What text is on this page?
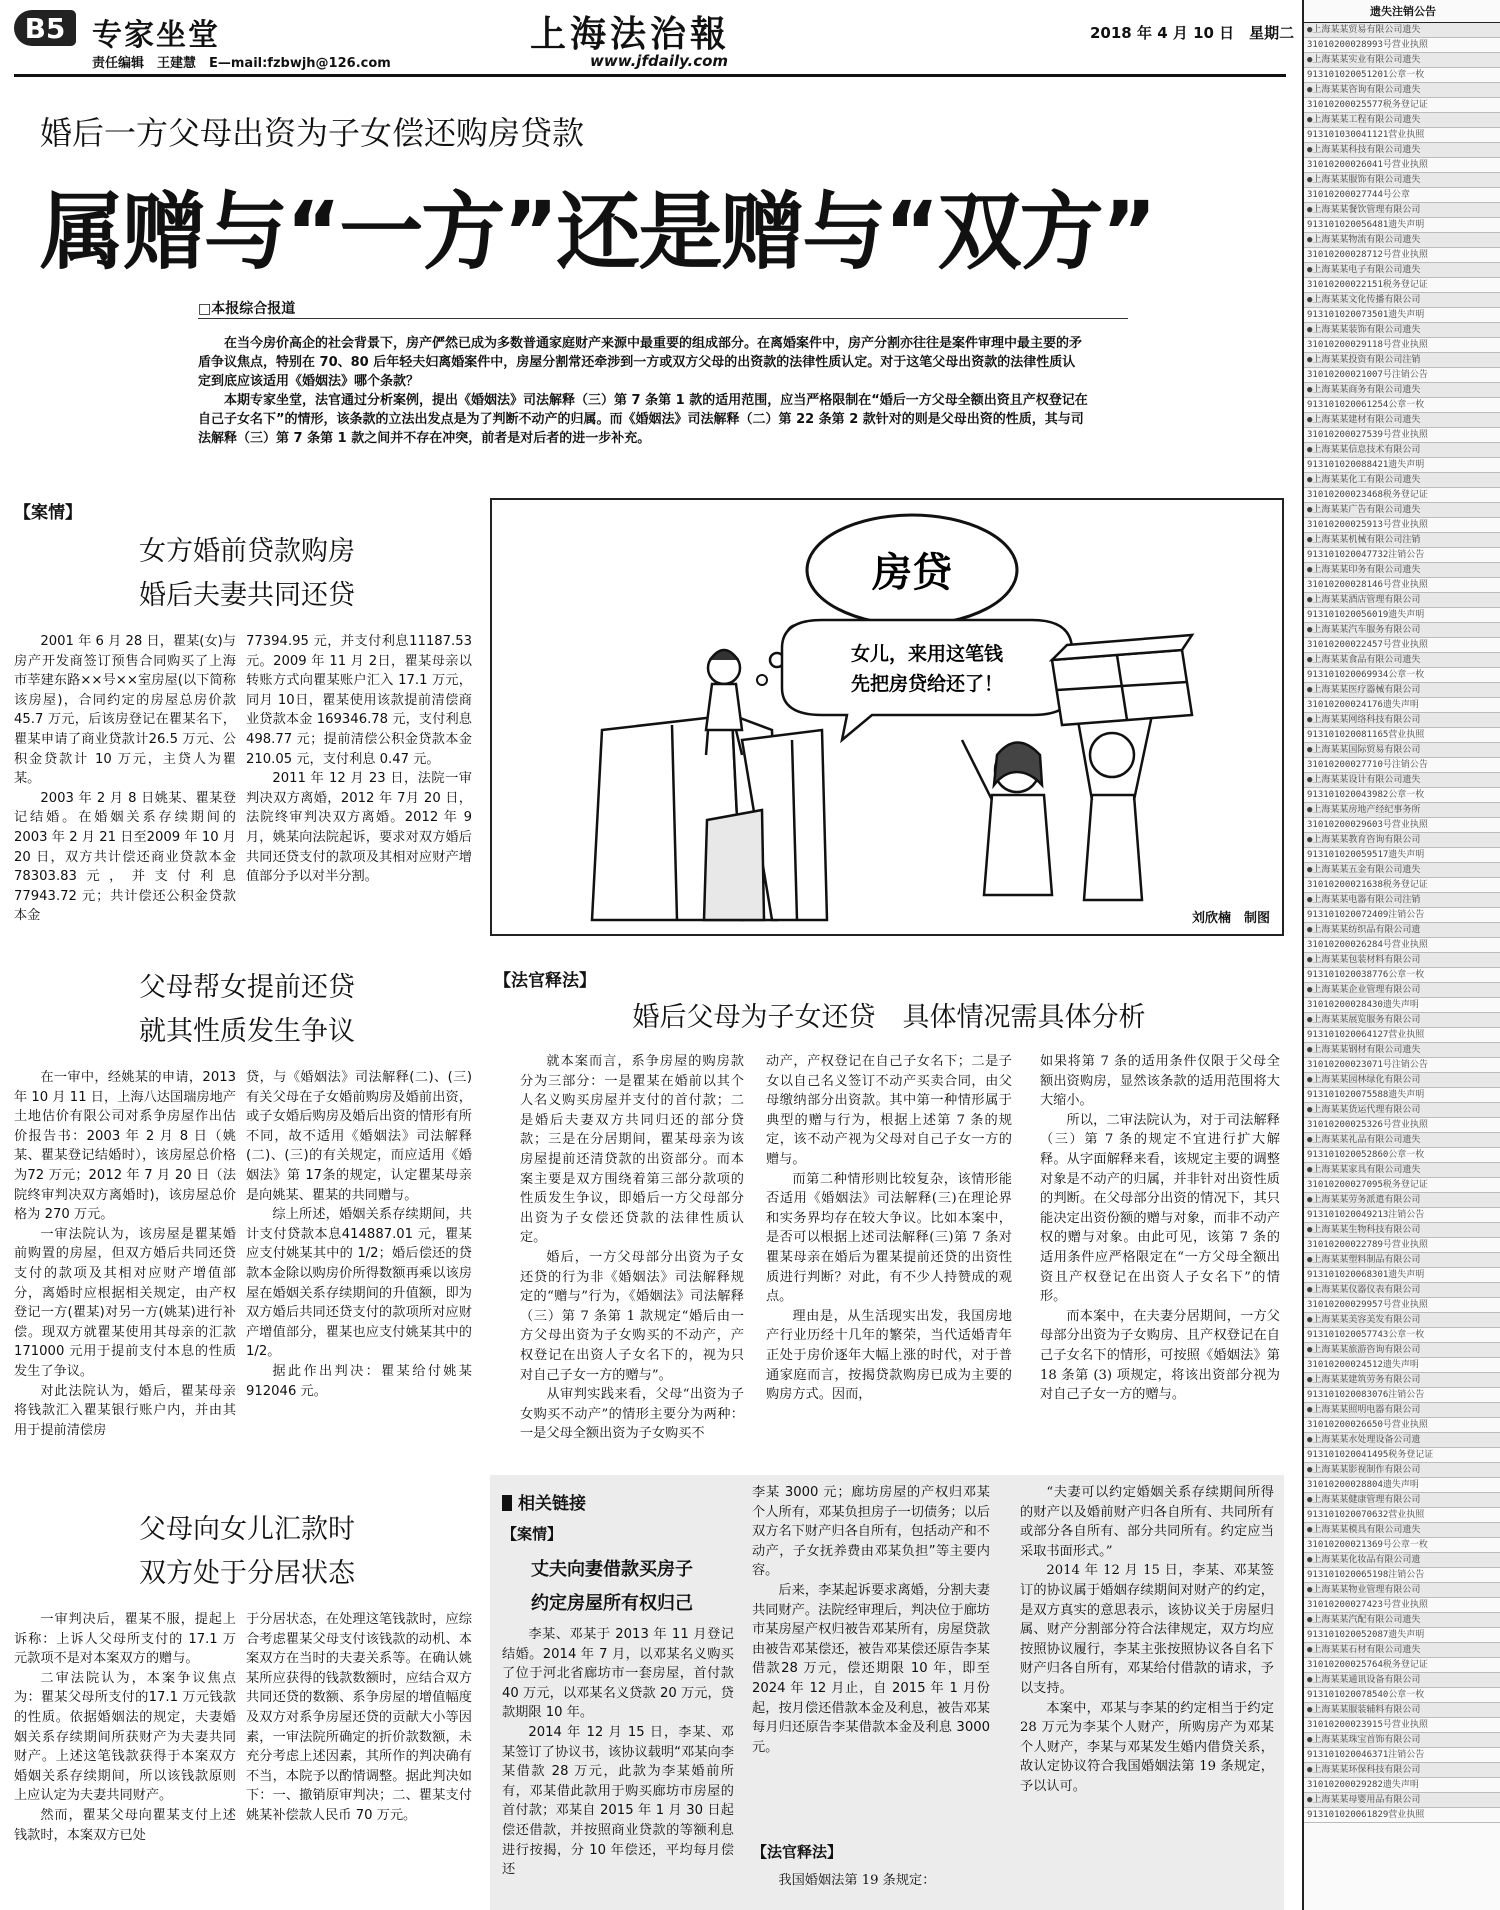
B5 专家坐堂
责任编辑　王建慧　E—mail:fzbwjh@126.com
上海法治報
www.jfdaily.com
2018 年 4 月 10 日　星期二
婚后一方父母出资为子女偿还购房贷款
属赠与“一方”还是赠与“双方”
□本报综合报道

在当今房价高企的社会背景下，房产俨然已成为多数普通家庭财产来源中最重要的组成部分。在离婚案件中，房产分割亦往往是案件审理中最主要的矛盾争议焦点，特别在 70、80 后年轻夫妇离婚案件中，房屋分割常还牵涉到一方或双方父母的出资款的法律性质认定。对于这笔父母出资款的法律性质认定到底应该适用《婚姻法》哪个条款？

本期专家坐堂，法官通过分析案例，提出《婚姻法》司法解释（三）第 7 条第 1 款的适用范围，应当严格限制在“婚后一方父母全额出资且产权登记在自己子女名下”的情形，该条款的立法出发点是为了判断不动产的归属。而《婚姻法》司法解释（二）第 22 条第 2 款针对的则是父母出资的性质，其与司法解释（三）第 7 条第 1 款之间并不存在冲突，前者是对后者的进一步补充。

【案情】
女方婚前贷款购房
婚后夫妻共同还贷

2001 年 6 月 28 日，瞿某(女)与房产开发商签订预售合同购买了上海市莘建东路××号××室房屋(以下简称该房屋)，合同约定的房屋总房价款45.7 万元，后该房登记在瞿某名下，瞿某申请了商业贷款计26.5 万元、公积金贷款计 10 万元，主贷人为瞿某。

2003 年 2 月 8 日姚某、瞿某登记结婚。在婚姻关系存续期间的 2003 年 2 月 21 日至2009 年 10 月 20 日，双方共计偿还商业贷款本金 78303.83元，并支付利息 77943.72 元；共计偿还公积金贷款本金

77394.95 元，并支付利息11187.53 元。2009 年 11 月 2日，瞿某母亲以转账方式向瞿某账户汇入 17.1 万元，同月 10日，瞿某使用该款提前清偿商业贷款本金 169346.78 元，支付利息 498.77 元；提前清偿公积金贷款本金 210.05 元，支付利息 0.47 元。

2011 年 12 月 23 日，法院一审判决双方离婚，2012 年 7月 20 日，法院终审判决双方离婚。2012 年 9 月，姚某向法院起诉，要求对双方婚后共同还贷支付的款项及其相对应财产增值部分予以对半分割。

父母帮女提前还贷
就其性质发生争议

在一审中，经姚某的申请，2013 年 10 月 11 日，上海八达国瑞房地产土地估价有限公司对系争房屋作出估价报告书：2003 年 2 月 8 日（姚某、瞿某登记结婚时），该房屋总价格为72 万元；2012 年 7 月 20 日（法院终审判决双方离婚时)，该房屋总价格为 270 万元。

一审法院认为，该房屋是瞿某婚前购置的房屋，但双方婚后共同还贷支付的款项及其相对应财产增值部分，离婚时应根据相关规定，由产权登记一方(瞿某)对另一方(姚某)进行补偿。现双方就瞿某使用其母亲的汇款 171000 元用于提前支付本息的性质发生了争议。

对此法院认为，婚后，瞿某母亲将钱款汇入瞿某银行账户内，并由其用于提前清偿房

贷，与《婚姻法》司法解释(二)、(三)有关父母在子女婚前购房及婚前出资，或子女婚后购房及婚后出资的情形有所不同，故不适用《婚姻法》司法解释(二)、(三)的有关规定，而应适用《婚姻法》第 17条的规定，认定瞿某母亲是向姚某、瞿某的共同赠与。

综上所述，婚姻关系存续期间，共计支付贷款本息414887.01 元，瞿某应支付姚某其中的 1/2；婚后偿还的贷款本金除以购房价所得数额再乘以该房屋在婚姻关系存续期间的升值额，即为双方婚后共同还贷支付的款项所对应财产增值部分，瞿某也应支付姚某其中的 1/2。

据此作出判决：瞿某给付姚某 912046 元。

父母向女儿汇款时
双方处于分居状态

一审判决后，瞿某不服，提起上诉称：上诉人父母所支付的 17.1 万元款项不是对本案双方的赠与。

二审法院认为，本案争议焦点为：瞿某父母所支付的17.1 万元钱款的性质。依据婚姻法的规定，夫妻婚姻关系存续期间所获财产为夫妻共同财产。上述这笔钱款获得于本案双方婚姻关系存续期间，所以该钱款原则上应认定为夫妻共同财产。

然而，瞿某父母向瞿某支付上述钱款时，本案双方已处

于分居状态，在处理这笔钱款时，应综合考虑瞿某父母支付该钱款的动机、本案双方在当时的夫妻关系等。在确认姚某所应获得的钱款数额时，应结合双方共同还贷的数额、系争房屋的增值幅度及双方对系争房屋还贷的贡献大小等因素，一审法院所确定的折价款数额，未充分考虑上述因素，其所作的判决确有不当，本院予以酌情调整。据此判决如下：一、撤销原审判决；二、瞿某支付姚某补偿款人民币 70 万元。

房贷
女儿，来用这笔钱
先把房贷给还了！
刘欣楠　制图
【法官释法】
婚后父母为子女还贷　具体情况需具体分析

就本案而言，系争房屋的购房款分为三部分：一是瞿某在婚前以其个人名义购买房屋并支付的首付款；二是婚后夫妻双方共同归还的部分贷款；三是在分居期间，瞿某母亲为该房屋提前还清贷款的出资部分。而本案主要是双方围绕着第三部分款项的性质发生争议，即婚后一方父母部分出资为子女偿还贷款的法律性质认定。

婚后，一方父母部分出资为子女还贷的行为非《婚姻法》司法解释规定的“赠与”行为，《婚姻法》司法解释（三）第 7 条第 1 款规定“婚后由一方父母出资为子女购买的不动产，产权登记在出资人子女名下的，视为只对自己子女一方的赠与”。

从审判实践来看，父母“出资为子女购买不动产”的情形主要分为两种：一是父母全额出资为子女购买不

动产，产权登记在自己子女名下；二是子女以自己名义签订不动产买卖合同，由父母缴纳部分出资款。其中第一种情形属于典型的赠与行为，根据上述第 7 条的规定，该不动产视为父母对自己子女一方的赠与。

而第二种情形则比较复杂，该情形能否适用《婚姻法》司法解释(三)在理论界和实务界均存在较大争议。比如本案中，是否可以根据上述司法解释(三)第 7 条对瞿某母亲在婚后为瞿某提前还贷的出资性质进行判断？对此，有不少人持赞成的观点。

理由是，从生活现实出发，我国房地产行业历经十几年的繁荣，当代适婚青年正处于房价逐年大幅上涨的时代，对于普通家庭而言，按揭贷款购房已成为主要的购房方式。因而，

如果将第 7 条的适用条件仅限于父母全额出资购房，显然该条款的适用范围将大大缩小。

所以，二审法院认为，对于司法解释（三）第 7 条的规定不宜进行扩大解释。从字面解释来看，该规定主要的调整对象是不动产的归属，并非针对出资性质的判断。在父母部分出资的情况下，其只能决定出资份额的赠与对象，而非不动产权的赠与对象。由此可见，该第 7 条的适用条件应严格限定在“一方父母全额出资且产权登记在出资人子女名下”的情形。

而本案中，在夫妻分居期间，一方父母部分出资为子女购房、且产权登记在自己子女名下的情形，可按照《婚姻法》第 18 条第 (3) 项规定，将该出资部分视为对自己子女一方的赠与。

相关链接
【案情】
丈夫向妻借款买房子
约定房屋所有权归己

李某、邓某于 2013 年 11 月登记结婚。2014 年 7 月，以邓某名义购买了位于河北省廊坊市一套房屋，首付款 40 万元，以邓某名义贷款 20 万元，贷款期限 10 年。

2014 年 12 月 15 日，李某、邓某签订了协议书，该协议载明“邓某向李某借款 28 万元，此款为李某婚前所有，邓某借此款用于购买廊坊市房屋的首付款；邓某自 2015 年 1 月 30 日起偿还借款，并按照商业贷款的等额利息进行按揭，分 10 年偿还，平均每月偿还

李某 3000 元；廊坊房屋的产权归邓某个人所有，邓某负担房子一切债务；以后双方名下财产归各自所有，包括动产和不动产，子女抚养费由邓某负担”等主要内容。

后来，李某起诉要求离婚，分割夫妻共同财产。法院经审理后，判决位于廊坊市某房屋产权归被告邓某所有，房屋贷款由被告邓某偿还，被告邓某偿还原告李某借款28 万元，偿还期限 10 年，即至2024 年 12 月止，自 2015 年 1 月份起，按月偿还借款本金及利息，被告邓某每月归还原告李某借款本金及利息 3000 元。

【法官释法】

我国婚姻法第 19 条规定：

“夫妻可以约定婚姻关系存续期间所得的财产以及婚前财产归各自所有、共同所有或部分各自所有、部分共同所有。约定应当采取书面形式。”

2014 年 12 月 15 日，李某、邓某签订的协议属于婚姻存续期间对财产的约定，是双方真实的意思表示，该协议关于房屋归属、财产分割部分符合法律规定，双方均应按照协议履行，李某主张按照协议各自名下财产归各自所有，邓某给付借款的请求，予以支持。

本案中，邓某与李某的约定相当于约定 28 万元为李某个人财产，所购房产为邓某个人财产，李某与邓某发生婚内借贷关系，故认定协议符合我国婚姻法第 19 条规定，予以认可。

遗失注销公告
●上海某某贸易有限公司遗失
31010200028993号营业执照
●上海某某实业有限公司遗失
913101020051201公章一枚
●上海某某咨询有限公司遗失
31010200025577税务登记证
●上海某某工程有限公司遗失
913101030041121营业执照
●上海某某科技有限公司遗失
31010200026041号营业执照
●上海某某服饰有限公司遗失
31010200027744号公章
●上海某某餐饮管理有限公司
913101020056481遗失声明
●上海某某物流有限公司遗失
31010200028712号营业执照
●上海某某电子有限公司遗失
31010200022151税务登记证
●上海某某文化传播有限公司
913101020073501遗失声明
●上海某某装饰有限公司遗失
31010200029118号营业执照
●上海某某投资有限公司注销
31010200021007号注销公告
●上海某某商务有限公司遗失
913101020061254公章一枚
●上海某某建材有限公司遗失
31010200027539号营业执照
●上海某某信息技术有限公司
913101020088421遗失声明
●上海某某化工有限公司遗失
31010200023468税务登记证
●上海某某广告有限公司遗失
31010200025913号营业执照
●上海某某机械有限公司注销
913101020047732注销公告
●上海某某印务有限公司遗失
31010200028146号营业执照
●上海某某酒店管理有限公司
913101020056019遗失声明
●上海某某汽车服务有限公司
31010200022457号营业执照
●上海某某食品有限公司遗失
913101020069934公章一枚
●上海某某医疗器械有限公司
31010200024176遗失声明
●上海某某网络科技有限公司
913101020081165营业执照
●上海某某国际贸易有限公司
31010200027710号注销公告
●上海某某设计有限公司遗失
913101020043982公章一枚
●上海某某房地产经纪事务所
31010200029603号营业执照
●上海某某教育咨询有限公司
913101020059517遗失声明
●上海某某五金有限公司遗失
31010200021638税务登记证
●上海某某电器有限公司注销
913101020072409注销公告
●上海某某纺织品有限公司遗
31010200026284号营业执照
●上海某某包装材料有限公司
913101020038776公章一枚
●上海某某企业管理有限公司
31010200028430遗失声明
●上海某某展览服务有限公司
913101020064127营业执照
●上海某某钢材有限公司遗失
31010200023071号注销公告
●上海某某园林绿化有限公司
913101020075588遗失声明
●上海某某货运代理有限公司
31010200025326号营业执照
●上海某某礼品有限公司遗失
913101020052860公章一枚
●上海某某家具有限公司遗失
31010200027095税务登记证
●上海某某劳务派遣有限公司
913101020049213注销公告
●上海某某生物科技有限公司
31010200022789号营业执照
●上海某某塑料制品有限公司
913101020068301遗失声明
●上海某某仪器仪表有限公司
31010200029957号营业执照
●上海某某美容美发有限公司
913101020057743公章一枚
●上海某某旅游咨询有限公司
31010200024512遗失声明
●上海某某建筑劳务有限公司
913101020083076注销公告
●上海某某照明电器有限公司
31010200026650号营业执照
●上海某某水处理设备公司遗
913101020041495税务登记证
●上海某某影视制作有限公司
31010200028804遗失声明
●上海某某健康管理有限公司
913101020070632营业执照
●上海某某模具有限公司遗失
31010200021369号公章一枚
●上海某某化妆品有限公司遗
913101020065198注销公告
●上海某某物业管理有限公司
31010200027423号营业执照
●上海某某汽配有限公司遗失
913101020052087遗失声明
●上海某某石材有限公司遗失
31010200025764税务登记证
●上海某某通讯设备有限公司
913101020078540公章一枚
●上海某某服装辅料有限公司
31010200023915号营业执照
●上海某某珠宝首饰有限公司
913101020046371注销公告
●上海某某环保科技有限公司
31010200029282遗失声明
●上海某某母婴用品有限公司
913101020061829营业执照
